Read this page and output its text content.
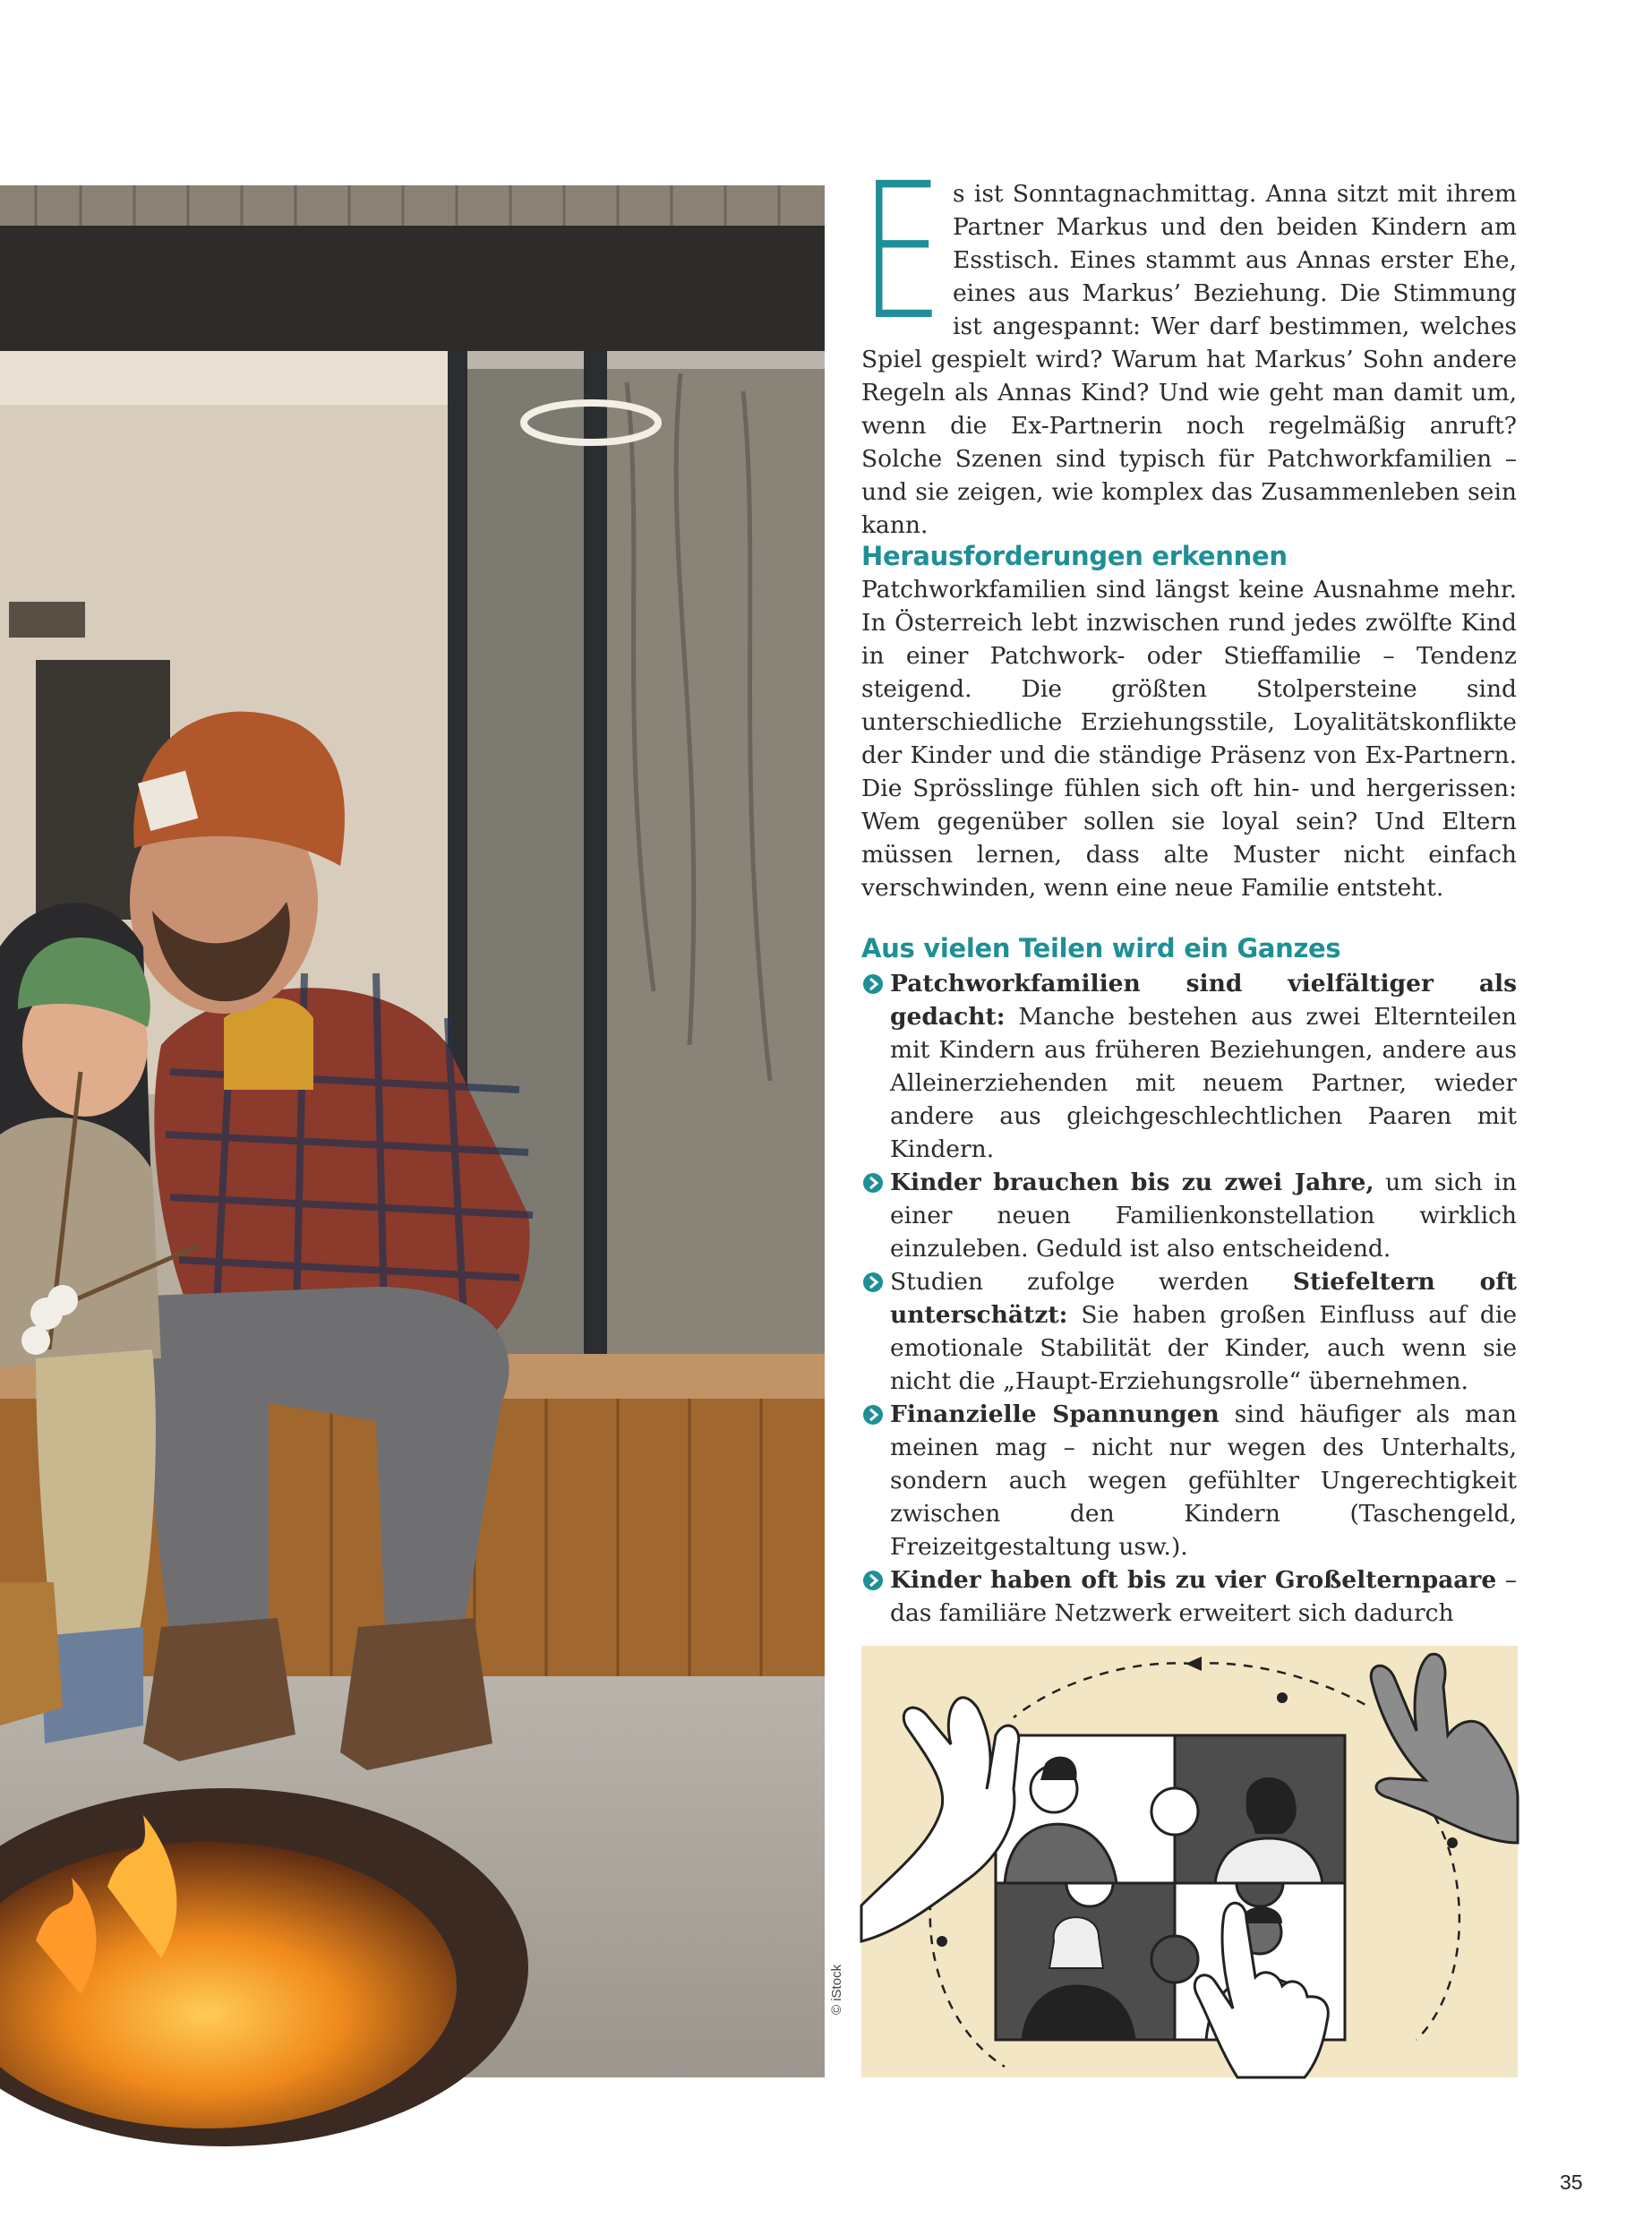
© iStock
E s ist Sonntagnachmittag. Anna sitzt mit ihrem Partner Markus und den beiden Kindern am Esstisch. Eines stammt aus Annas erster Ehe, eines aus Markus’ Beziehung. Die Stimmung ist angespannt: Wer darf bestimmen, welches Spiel gespielt wird? Warum hat Markus’ Sohn andere Regeln als Annas Kind? Und wie geht man damit um, wenn die Ex-Partnerin noch regelmäßig anruft? Solche Szenen sind typisch für Patchworkfamilien – und sie zeigen, wie komplex das Zusammenleben sein kann.
Herausforderungen erkennen
Patchworkfamilien sind längst keine Ausnahme mehr. In Österreich lebt inzwischen rund jedes zwölfte Kind in einer Patchwork- oder Stieffamilie – Tendenz steigend. Die größten Stolpersteine sind unterschiedliche Erziehungsstile, Loyalitätskonflikte der Kinder und die ständige Präsenz von Ex-Partnern. Die Sprösslinge fühlen sich oft hin- und hergerissen: Wem gegenüber sollen sie loyal sein? Und Eltern müssen lernen, dass alte Muster nicht einfach verschwinden, wenn eine neue Familie entsteht.
Aus vielen Teilen wird ein Ganzes

Patchworkfamilien sind vielfältiger als gedacht: Manche bestehen aus zwei Elternteilen mit Kindern aus früheren Beziehungen, andere aus Alleinerziehenden mit neuem Partner, wieder andere aus gleichgeschlechtlichen Paaren mit Kindern.

Kinder brauchen bis zu zwei Jahre, um sich in einer neuen Familienkonstellation wirklich einzuleben. Geduld ist also entscheidend.

Studien zufolge werden Stiefeltern oft unterschätzt: Sie haben großen Einfluss auf die emotionale Stabilität der Kinder, auch wenn sie nicht die „Haupt-Erziehungsrolle“ übernehmen.

Finanzielle Spannungen sind häufiger als man meinen mag – nicht nur wegen des Unterhalts, sondern auch wegen gefühlter Ungerechtigkeit zwischen den Kindern (Taschengeld, Freizeitgestaltung usw.).

Kinder haben oft bis zu vier Großelternpaare – das familiäre Netzwerk erweitert sich dadurch

35
